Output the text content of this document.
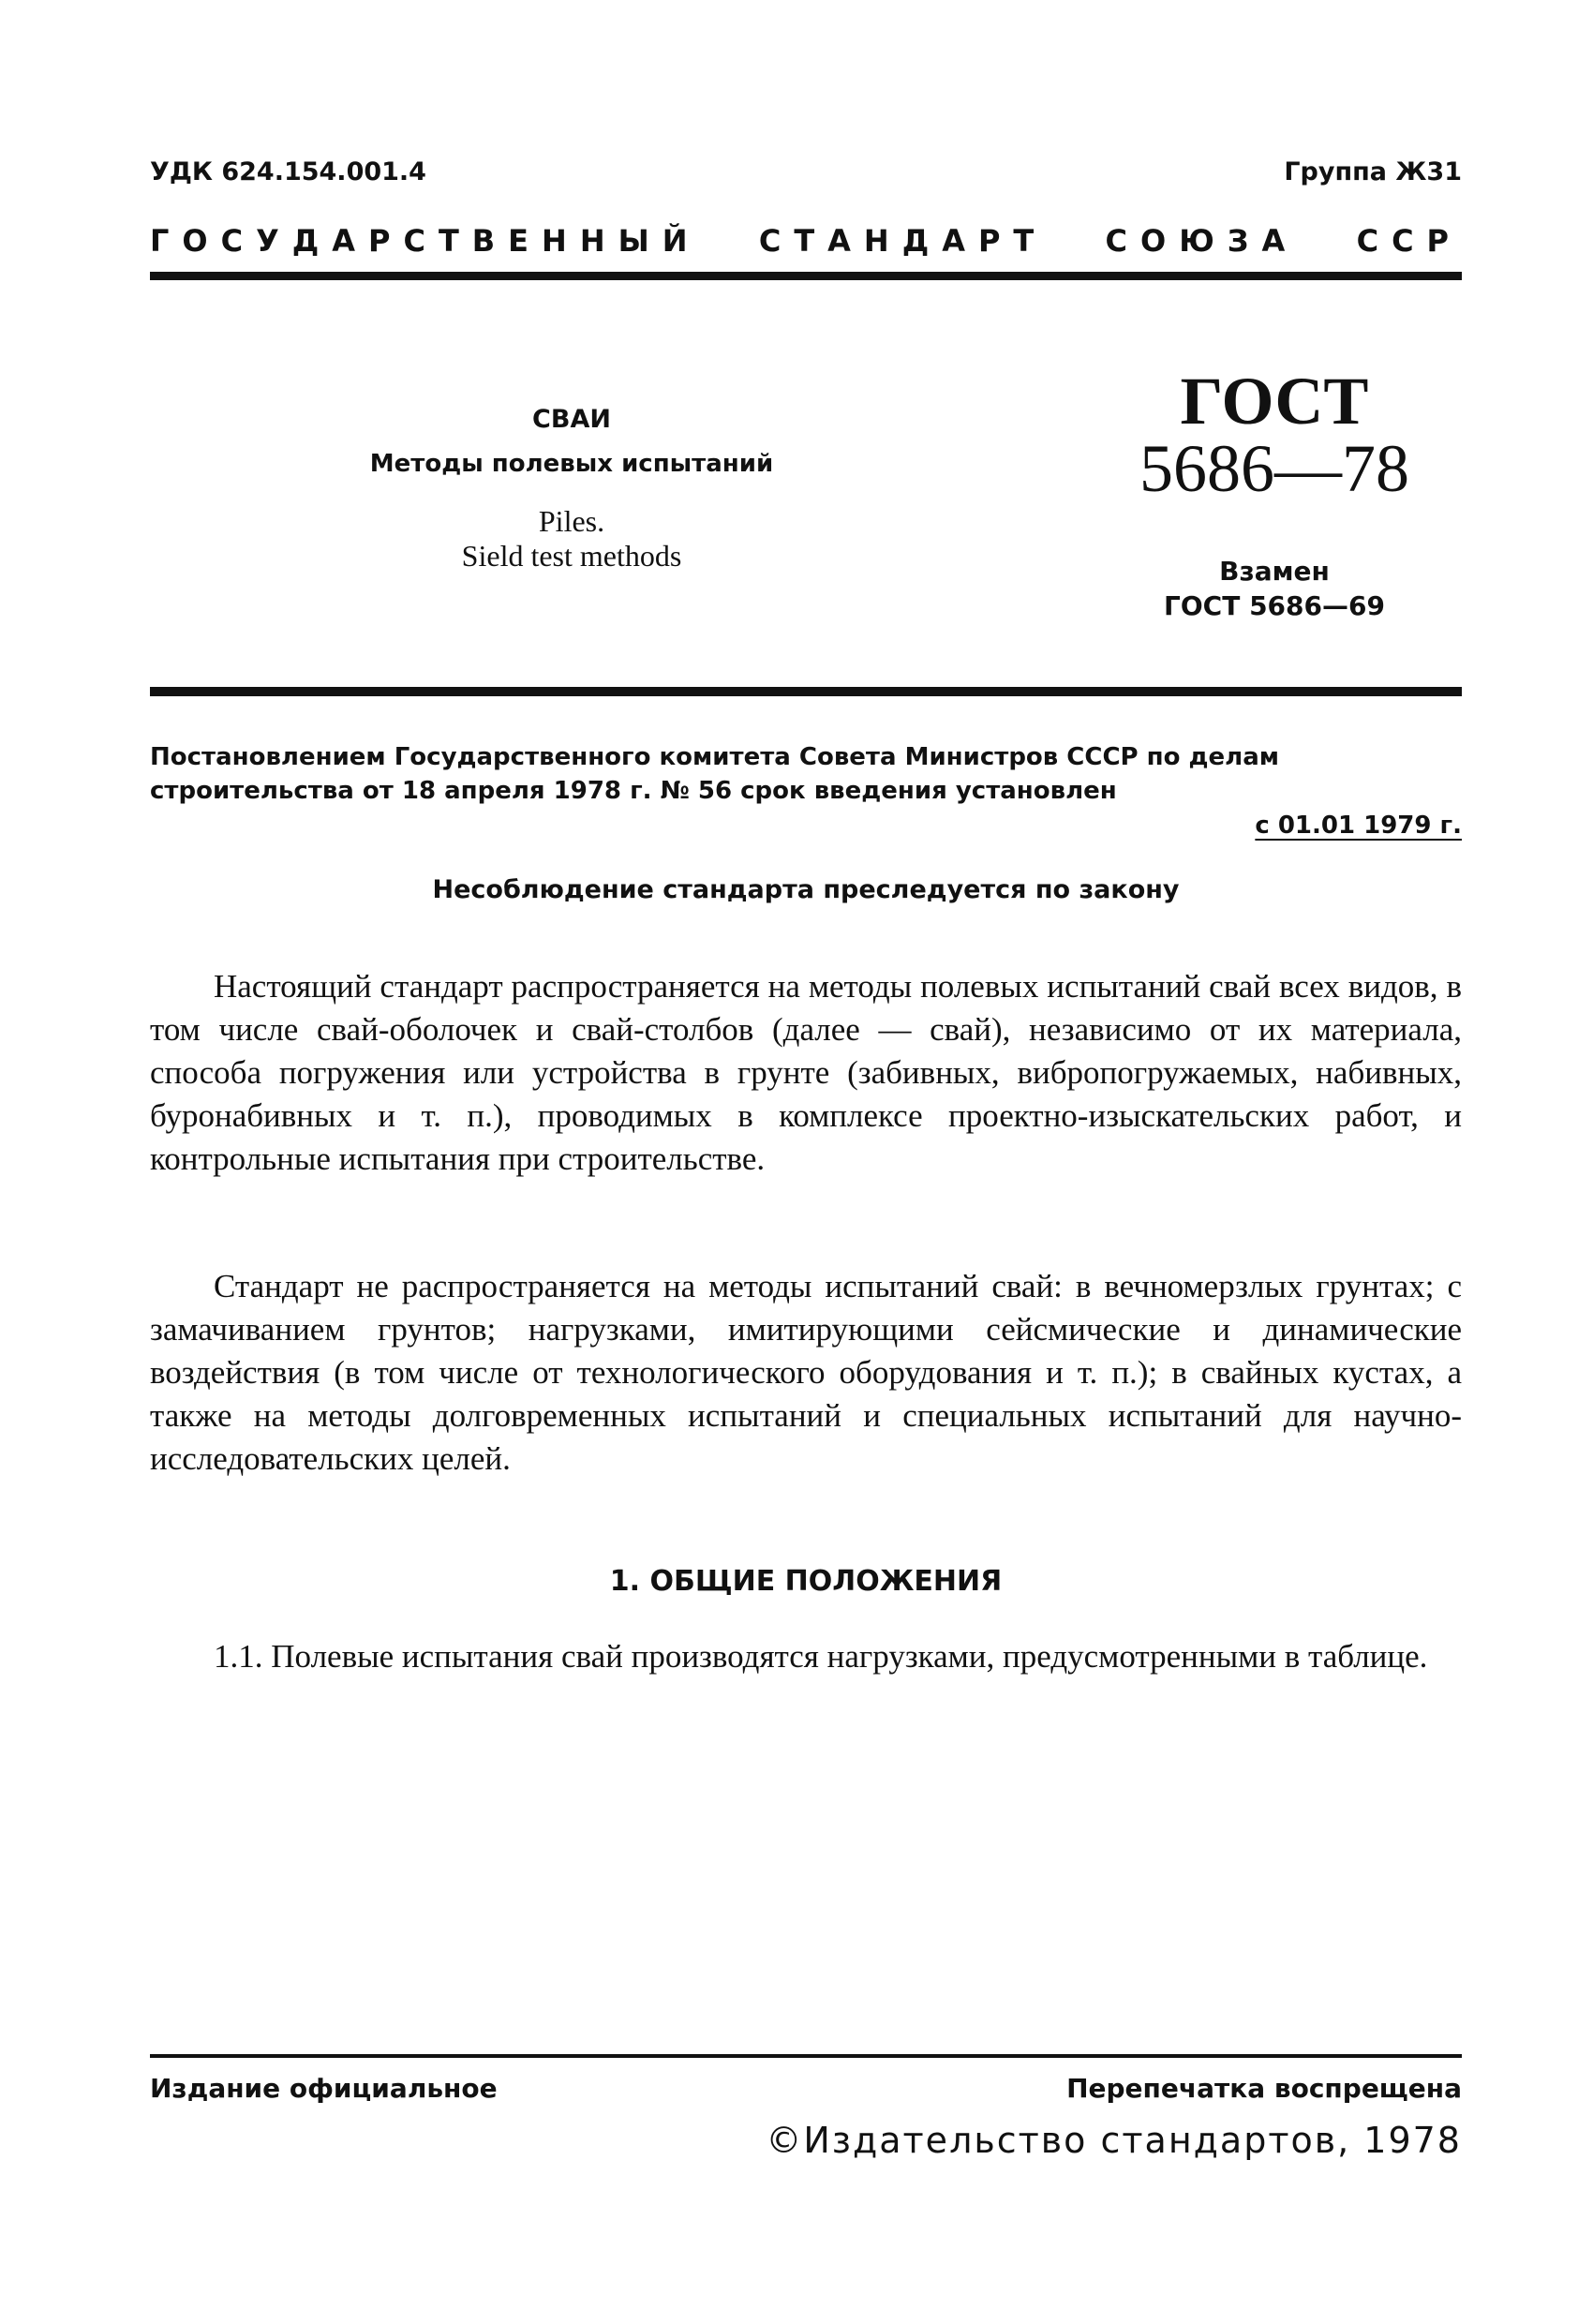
УДК 624.154.001.4	Группа Ж31
ГОСУДАРСТВЕННЫЙ СТАНДАРТ СОЮЗА ССР
СВАИ
Методы полевых испытаний
Piles.
Sield test methods
ГОСТ
5686—78
Взамен
ГОСТ 5686—69
Постановлением Государственного комитета Совета Министров СССР по делам строительства от 18 апреля 1978 г. № 56 срок введения установлен
с 01.01 1979 г.
Несоблюдение стандарта преследуется по закону
Настоящий стандарт распространяется на методы полевых испытаний свай всех видов, в том числе свай-оболочек и свай-столбов (далее — свай), независимо от их материала, способа погружения или устройства в грунте (забивных, вибропогружаемых, набивных, буронабивных и т. п.), проводимых в комплексе проектно-изыскательских работ, и контрольные испытания при строительстве.
Стандарт не распространяется на методы испытаний свай: в вечномерзлых грунтах; с замачиванием грунтов; нагрузками, имитирующими сейсмические и динамические воздействия (в том числе от технологического оборудования и т. п.); в свайных кустах, а также на методы долговременных испытаний и специальных испытаний для научно-исследовательских целей.
1. ОБЩИЕ ПОЛОЖЕНИЯ
1.1. Полевые испытания свай производятся нагрузками, предусмотренными в таблице.
Издание официальное	Перепечатка воспрещена
©Издательство стандартов, 1978
